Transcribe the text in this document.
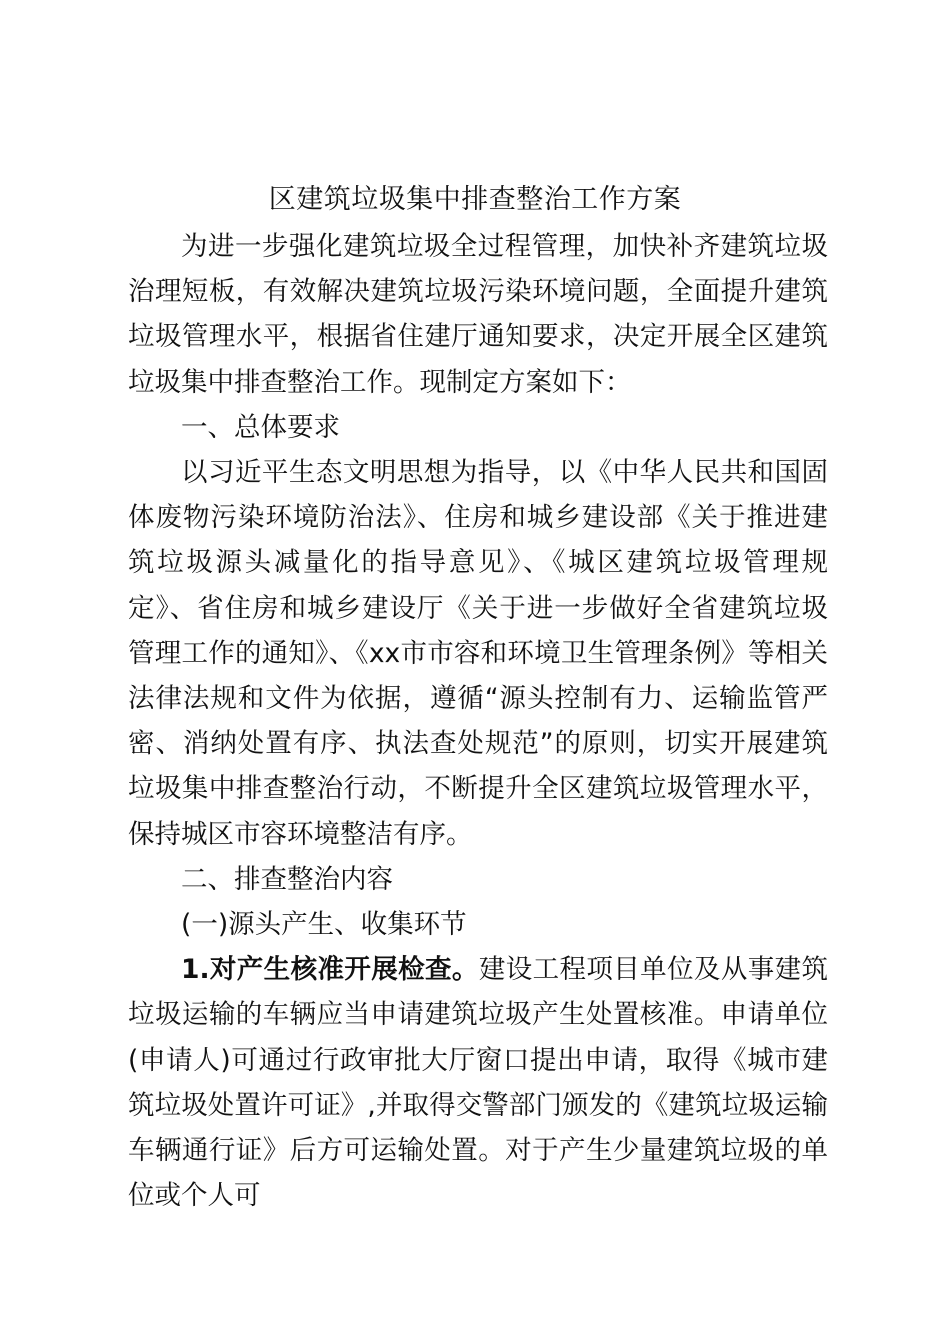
区建筑垃圾集中排查整治工作方案

为进一步强化建筑垃圾全过程管理，加快补齐建筑垃圾治理短板，有效解决建筑垃圾污染环境问题，全面提升建筑垃圾管理水平，根据省住建厅通知要求，决定开展全区建筑垃圾集中排查整治工作。现制定方案如下：

一、总体要求

以习近平生态文明思想为指导，以《中华人民共和国固体废物污染环境防治法》、住房和城乡建设部《关于推进建筑垃圾源头减量化的指导意见》、《城区建筑垃圾管理规定》、省住房和城乡建设厅《关于进一步做好全省建筑垃圾管理工作的通知》、《xx市市容和环境卫生管理条例》等相关法律法规和文件为依据，遵循“源头控制有力、运输监管严密、消纳处置有序、执法查处规范”的原则，切实开展建筑垃圾集中排查整治行动，不断提升全区建筑垃圾管理水平，保持城区市容环境整洁有序。

二、排查整治内容

(一)源头产生、收集环节

1.对产生核准开展检查。建设工程项目单位及从事建筑垃圾运输的车辆应当申请建筑垃圾产生处置核准。申请单位(申请人)可通过行政审批大厅窗口提出申请，取得《城市建筑垃圾处置许可证》,并取得交警部门颁发的《建筑垃圾运输车辆通行证》后方可运输处置。对于产生少量建筑垃圾的单位或个人可
